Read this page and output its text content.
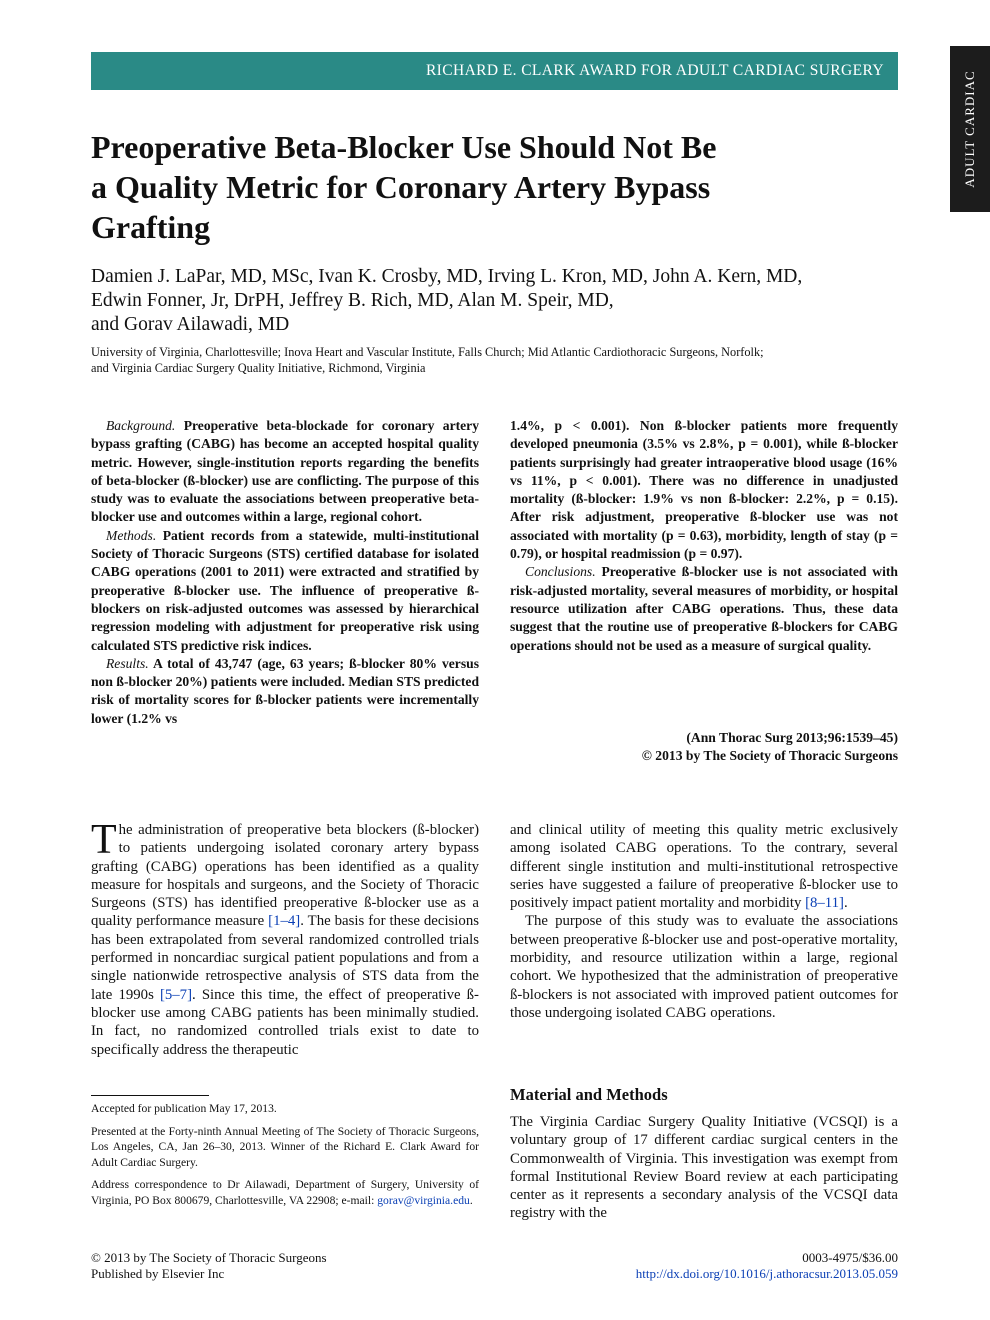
RICHARD E. CLARK AWARD FOR ADULT CARDIAC SURGERY	ADULT CARDIAC
Preoperative Beta-Blocker Use Should Not Be
a Quality Metric for Coronary Artery Bypass
Grafting

Damien J. LaPar, MD, MSc, Ivan K. Crosby, MD, Irving L. Kron, MD, John A. Kern, MD,
Edwin Fonner, Jr, DrPH, Jeffrey B. Rich, MD, Alan M. Speir, MD,
and Gorav Ailawadi, MD

University of Virginia, Charlottesville; Inova Heart and Vascular Institute, Falls Church; Mid Atlantic Cardiothoracic Surgeons, Norfolk;
and Virginia Cardiac Surgery Quality Initiative, Richmond, Virginia

Background. Preoperative beta-blockade for coronary artery bypass grafting (CABG) has become an accepted hospital quality metric. However, single-institution reports regarding the benefits of beta-blocker (ß-blocker) use are conflicting. The purpose of this study was to evaluate the associations between preoperative beta-blocker use and outcomes within a large, regional cohort.

Methods. Patient records from a statewide, multi-institutional Society of Thoracic Surgeons (STS) certified database for isolated CABG operations (2001 to 2011) were extracted and stratified by preoperative ß-blocker use. The influence of preoperative ß-blockers on risk-adjusted outcomes was assessed by hierarchical regression modeling with adjustment for preoperative risk using calculated STS predictive risk indices.

Results. A total of 43,747 (age, 63 years; ß-blocker 80% versus non ß-blocker 20%) patients were included. Median STS predicted risk of mortality scores for ß-blocker patients were incrementally lower (1.2% vs

1.4%, p < 0.001). Non ß-blocker patients more frequently developed pneumonia (3.5% vs 2.8%, p = 0.001), while ß-blocker patients surprisingly had greater intraoperative blood usage (16% vs 11%, p < 0.001). There was no difference in unadjusted mortality (ß-blocker: 1.9% vs non ß-blocker: 2.2%, p = 0.15). After risk adjustment, preoperative ß-blocker use was not associated with mortality (p = 0.63), morbidity, length of stay (p = 0.79), or hospital readmission (p = 0.97).

Conclusions. Preoperative ß-blocker use is not associated with risk-adjusted mortality, several measures of morbidity, or hospital resource utilization after CABG operations. Thus, these data suggest that the routine use of preoperative ß-blockers for CABG operations should not be used as a measure of surgical quality.

(Ann Thorac Surg 2013;96:1539–45)
© 2013 by The Society of Thoracic Surgeons

The administration of preoperative beta blockers (ß-blocker) to patients undergoing isolated coronary artery bypass grafting (CABG) operations has been identified as a quality measure for hospitals and surgeons, and the Society of Thoracic Surgeons (STS) has identified preoperative ß-blocker use as a quality performance measure [1–4]. The basis for these decisions has been extrapolated from several randomized controlled trials performed in noncardiac surgical patient populations and from a single nationwide retrospective analysis of STS data from the late 1990s [5–7]. Since this time, the effect of preoperative ß-blocker use among CABG patients has been minimally studied. In fact, no randomized controlled trials exist to date to specifically address the therapeutic

and clinical utility of meeting this quality metric exclusively among isolated CABG operations. To the contrary, several different single institution and multi-institutional retrospective series have suggested a failure of preoperative ß-blocker use to positively impact patient mortality and morbidity [8–11].

The purpose of this study was to evaluate the associations between preoperative ß-blocker use and post-operative mortality, morbidity, and resource utilization within a large, regional cohort. We hypothesized that the administration of preoperative ß-blockers is not associated with improved patient outcomes for those undergoing isolated CABG operations.

Material and Methods

The Virginia Cardiac Surgery Quality Initiative (VCSQI) is a voluntary group of 17 different cardiac surgical centers in the Commonwealth of Virginia. This investigation was exempt from formal Institutional Review Board review at each participating center as it represents a secondary analysis of the VCSQI data registry with the

Accepted for publication May 17, 2013.

Presented at the Forty-ninth Annual Meeting of The Society of Thoracic Surgeons, Los Angeles, CA, Jan 26–30, 2013. Winner of the Richard E. Clark Award for Adult Cardiac Surgery.

Address correspondence to Dr Ailawadi, Department of Surgery, University of Virginia, PO Box 800679, Charlottesville, VA 22908; e-mail: gorav@virginia.edu.

© 2013 by The Society of Thoracic Surgeons
Published by Elsevier Inc

0003-4975/$36.00
http://dx.doi.org/10.1016/j.athoracsur.2013.05.059
